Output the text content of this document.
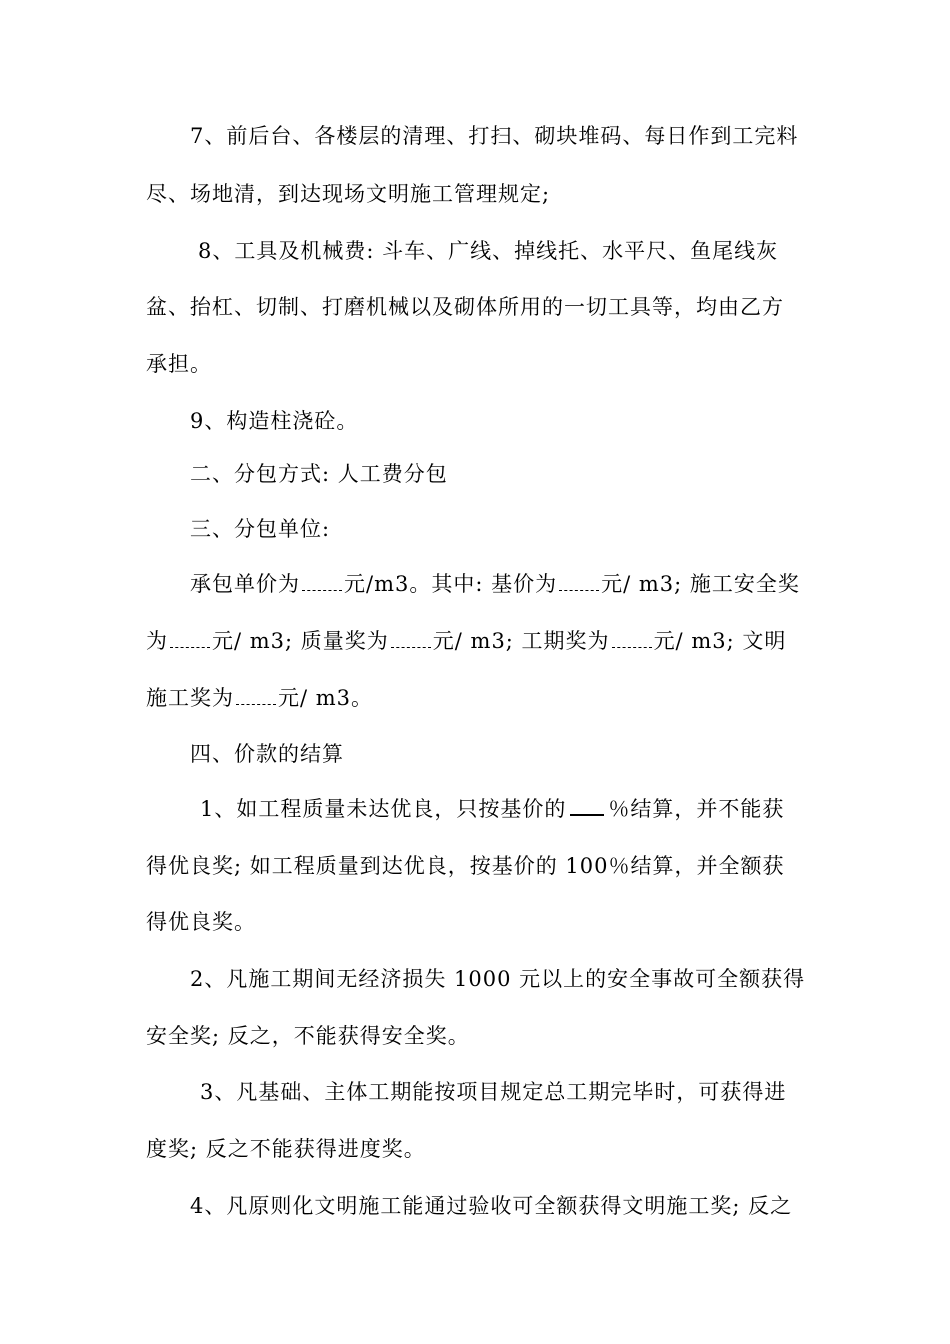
7、前后台、各楼层的清理、打扫、砌块堆码、每日作到工完料
尽、场地清，到达现场文明施工管理规定;
8、工具及机械费: 斗车、广线、掉线托、水平尺、鱼尾线灰
盆、抬杠、切制、打磨机械以及砌体所用的一切工具等，均由乙方
承担。
9、构造柱浇砼。
二、分包方式: 人工费分包
三、分包单位:
承包单价为 元/m3。其中: 基价为 元/ m3; 施工安全奖
为 元/ m3; 质量奖为 元/ m3; 工期奖为 元/ m3; 文明
施工奖为 元/ m3。
四、价款的结算
1、如工程质量未达优良，只按基价的 ％结算，并不能获
得优良奖; 如工程质量到达优良，按基价的 100％结算，并全额获
得优良奖。
2、凡施工期间无经济损失 1000 元以上的安全事故可全额获得
安全奖; 反之，不能获得安全奖。
3、凡基础、主体工期能按项目规定总工期完毕时，可获得进
度奖; 反之不能获得进度奖。
4、凡原则化文明施工能通过验收可全额获得文明施工奖; 反之
